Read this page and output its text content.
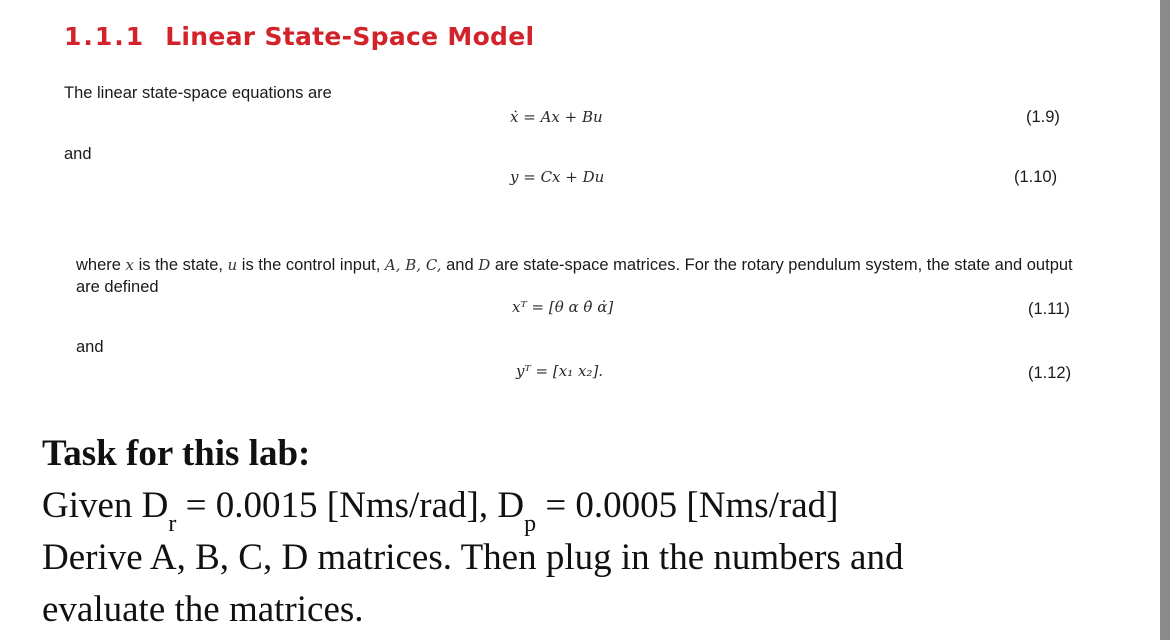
1.1.1 Linear State-Space Model
The linear state-space equations are
ẋ = Ax + Bu	(1.9)
and
y = Cx + Du	(1.10)
where x is the state, u is the control input, A, B, C, and D are state-space matrices. For the rotary pendulum system, the state and output are defined
xᵀ = [θ α θ̇ α̇]	(1.11)
and
yᵀ = [x₁ x₂].	(1.12)
Task for this lab:
Given $D_r = 0.0015$ [Nms/rad], $D_p = 0.0005$ [Nms/rad]
Derive A, B, C, D matrices. Then plug in the numbers and
evaluate the matrices.
